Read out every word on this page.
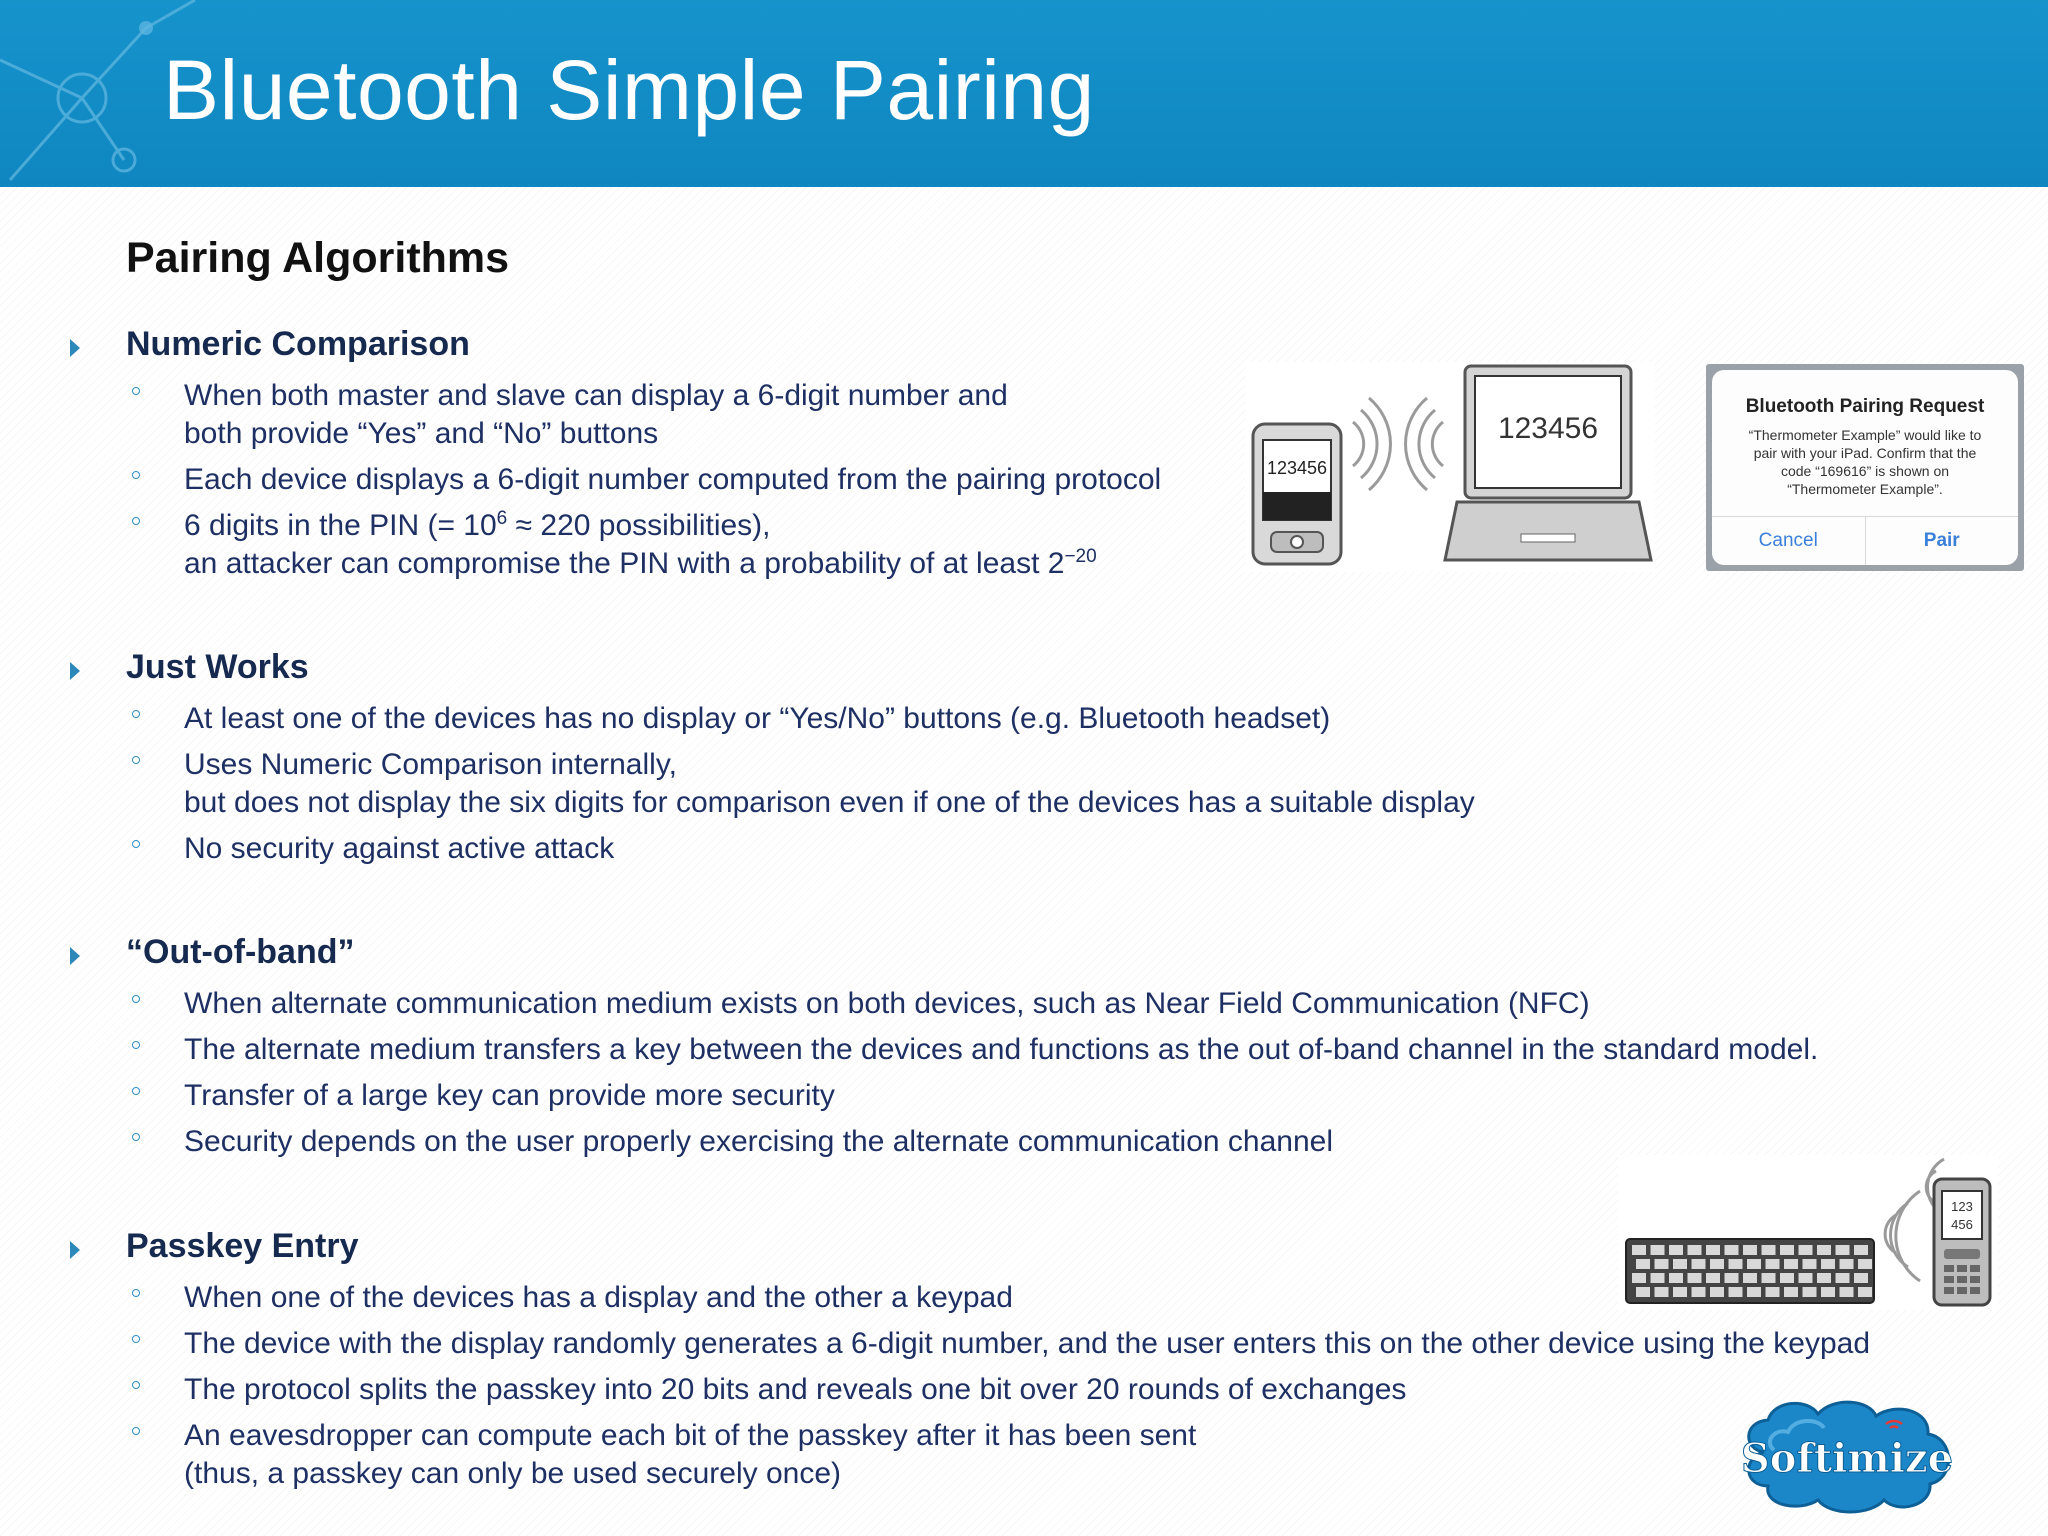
Bluetooth Simple Pairing
Pairing Algorithms
Numeric Comparison
When both master and slave can display a 6-digit number and
both provide “Yes” and “No” buttons
Each device displays a 6-digit number computed from the pairing protocol
6 digits in the PIN (= $10^6 \approx 220$ possibilities),
an attacker can compromise the PIN with a probability of at least $2^{-20}$
Just Works
At least one of the devices has no display or “Yes/No” buttons (e.g. Bluetooth headset)
Uses Numeric Comparison internally,
but does not display the six digits for comparison even if one of the devices has a suitable display
No security against active attack
“Out-of-band”
When alternate communication medium exists on both devices, such as Near Field Communication (NFC)
The alternate medium transfers a key between the devices and functions as the out of-band channel in the standard model.
Transfer of a large key can provide more security
Security depends on the user properly exercising the alternate communication channel
Passkey Entry
When one of the devices has a display and the other a keypad
The device with the display randomly generates a 6-digit number, and the user enters this on the other device using the keypad
The protocol splits the passkey into 20 bits and reveals one bit over 20 rounds of exchanges
An eavesdropper can compute each bit of the passkey after it has been sent
(thus, a passkey can only be used securely once)
123456
123456
Bluetooth Pairing Request
“Thermometer Example” would like to
pair with your iPad. Confirm that the
code “169616” is shown on
“Thermometer Example”.
Cancel	Pair
123
456
Softimize
